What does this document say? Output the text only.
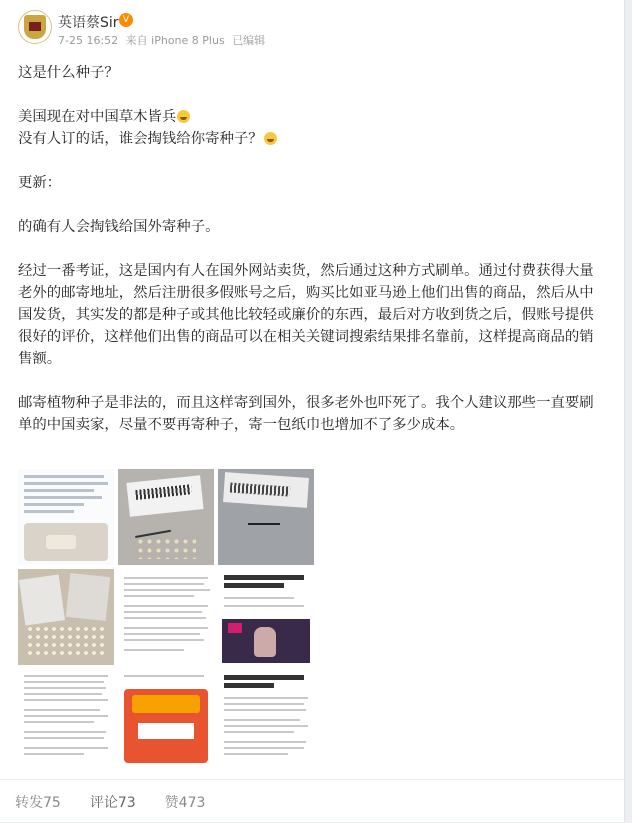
英语蔡Sir V
7-25 16:52 来自 iPhone 8 Plus 已编辑

这是什么种子？

美国现在对中国草木皆兵

没有人订的话，谁会掏钱给你寄种子？

更新：

的确有人会掏钱给国外寄种子。

经过一番考证，这是国内有人在国外网站卖货，然后通过这种方式刷单。通过付费获得大量老外的邮寄地址，然后注册很多假账号之后，购买比如亚马逊上他们出售的商品，然后从中国发货，其实发的都是种子或其他比较轻或廉价的东西，最后对方收到货之后，假账号提供很好的评价，这样他们出售的商品可以在相关关键词搜索结果排名靠前，这样提高商品的销售额。

邮寄植物种子是非法的，而且这样寄到国外，很多老外也吓死了。我个人建议那些一直要刷单的中国卖家，尽量不要再寄种子，寄一包纸巾也增加不了多少成本。

转发75 评论73 赞473
